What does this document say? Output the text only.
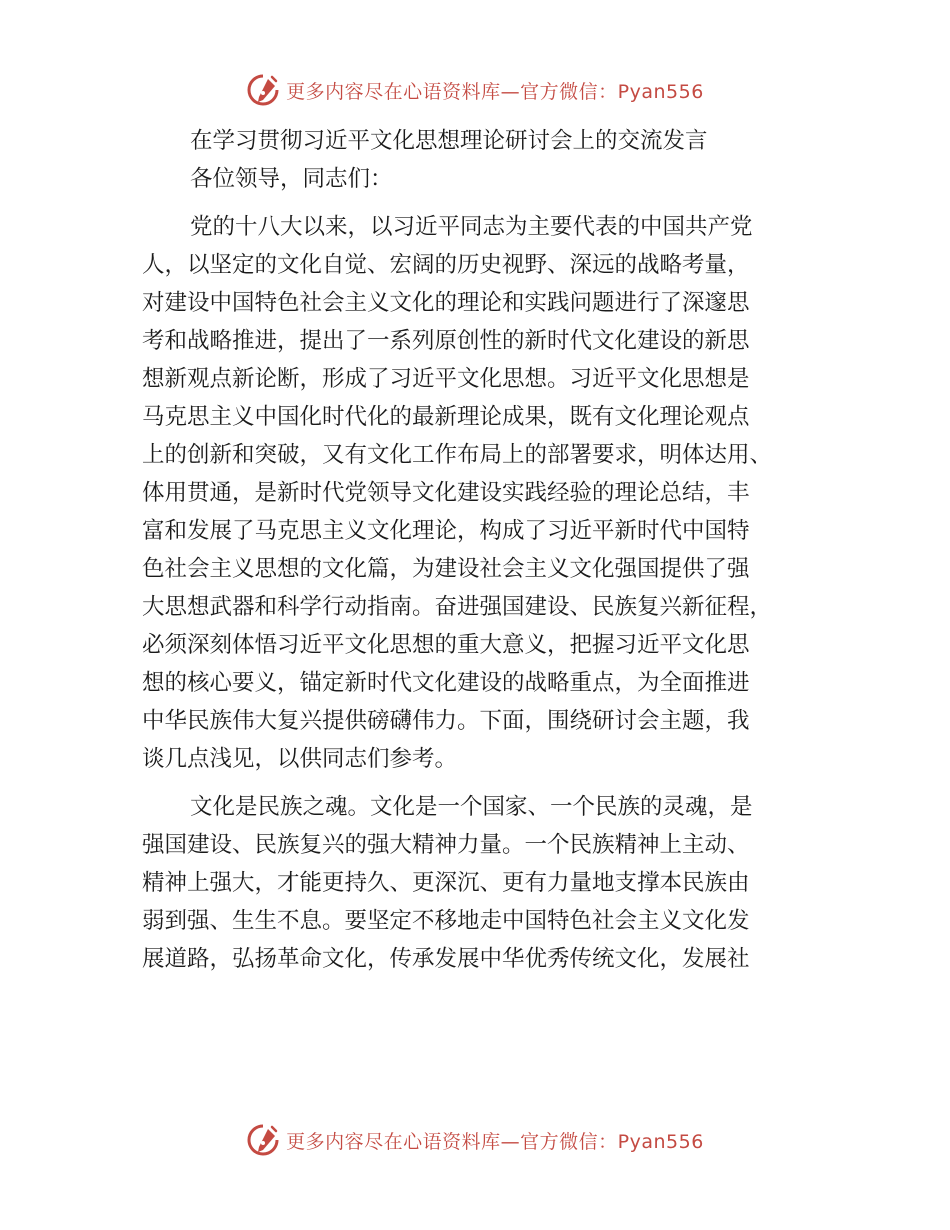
更多内容尽在心语资料库—官方微信：Pyan556

在学习贯彻习近平文化思想理论研讨会上的交流发言

各位领导，同志们：

党的十八大以来，以习近平同志为主要代表的中国共产党

人，以坚定的文化自觉、宏阔的历史视野、深远的战略考量，

对建设中国特色社会主义文化的理论和实践问题进行了深邃思

考和战略推进，提出了一系列原创性的新时代文化建设的新思

想新观点新论断，形成了习近平文化思想。习近平文化思想是

马克思主义中国化时代化的最新理论成果，既有文化理论观点

上的创新和突破，又有文化工作布局上的部署要求，明体达用、

体用贯通，是新时代党领导文化建设实践经验的理论总结，丰

富和发展了马克思主义文化理论，构成了习近平新时代中国特

色社会主义思想的文化篇，为建设社会主义文化强国提供了强

大思想武器和科学行动指南。奋进强国建设、民族复兴新征程，

必须深刻体悟习近平文化思想的重大意义，把握习近平文化思

想的核心要义，锚定新时代文化建设的战略重点，为全面推进

中华民族伟大复兴提供磅礴伟力。下面，围绕研讨会主题，我

谈几点浅见，以供同志们参考。

文化是民族之魂。文化是一个国家、一个民族的灵魂，是

强国建设、民族复兴的强大精神力量。一个民族精神上主动、

精神上强大，才能更持久、更深沉、更有力量地支撑本民族由

弱到强、生生不息。要坚定不移地走中国特色社会主义文化发

展道路，弘扬革命文化，传承发展中华优秀传统文化，发展社

更多内容尽在心语资料库—官方微信：Pyan556
